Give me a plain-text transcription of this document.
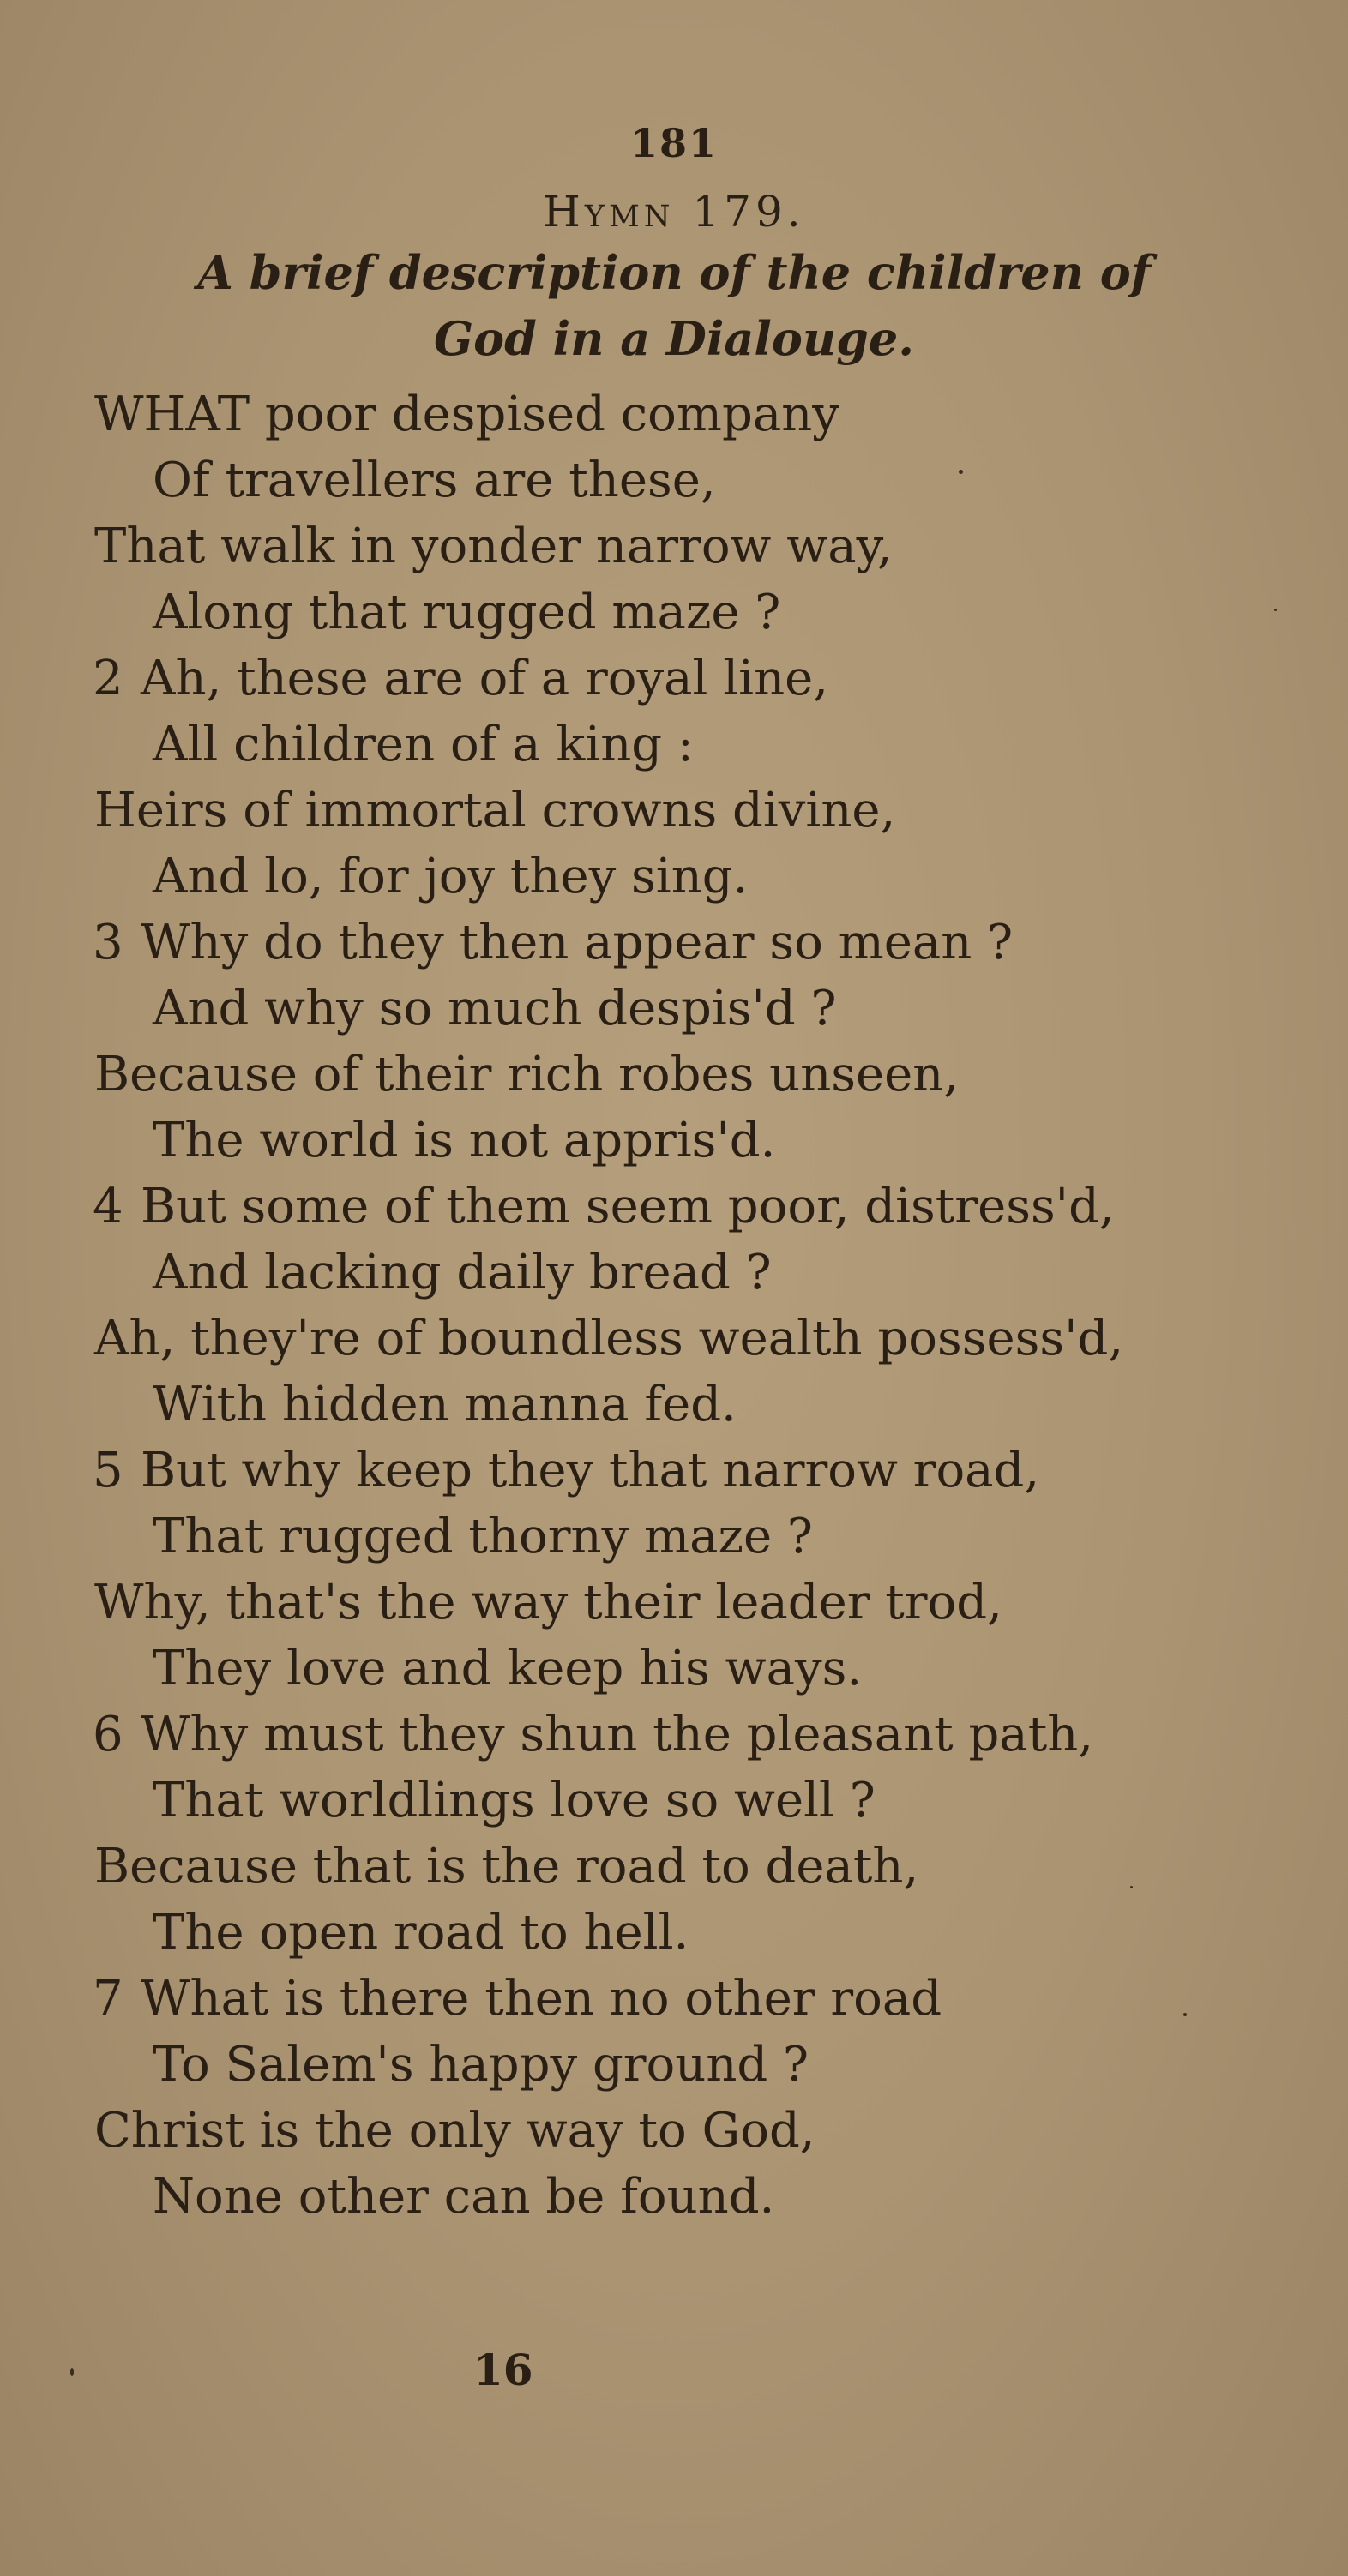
181
Hymn 179.
A brief description of the children of
God in a Dialouge.
WHAT poor despised company
Of travellers are these,
That walk in yonder narrow way,
Along that rugged maze ?
2 Ah, these are of a royal line,
All children of a king :
Heirs of immortal crowns divine,
And lo, for joy they sing.
3 Why do they then appear so mean ?
And why so much despis'd ?
Because of their rich robes unseen,
The world is not appris'd.
4 But some of them seem poor, distress'd,
And lacking daily bread ?
Ah, they're of boundless wealth possess'd,
With hidden manna fed.
5 But why keep they that narrow road,
That rugged thorny maze ?
Why, that's the way their leader trod,
They love and keep his ways.
6 Why must they shun the pleasant path,
That worldlings love so well ?
Because that is the road to death,
The open road to hell.
7 What is there then no other road
To Salem's happy ground ?
Christ is the only way to God,
None other can be found.
16
